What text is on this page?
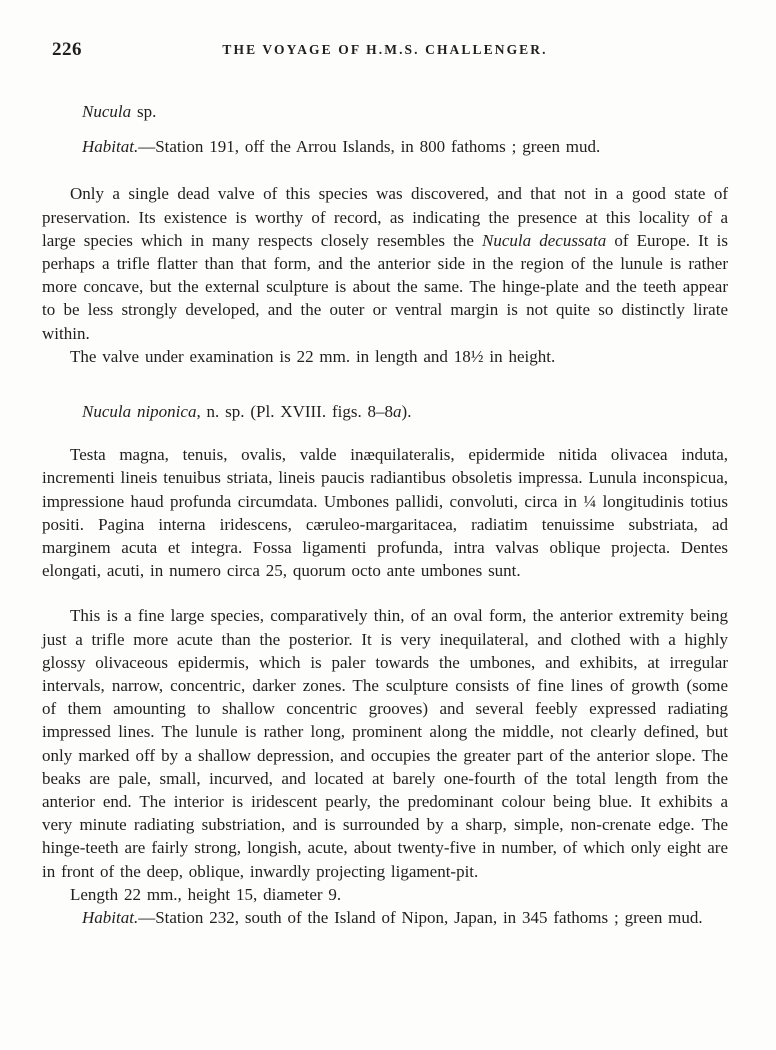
226	THE VOYAGE OF H.M.S. CHALLENGER.

Nucula sp.

Habitat.—Station 191, off the Arrou Islands, in 800 fathoms ; green mud.

Only a single dead valve of this species was discovered, and that not in a good state of preservation. Its existence is worthy of record, as indicating the presence at this locality of a large species which in many respects closely resembles the Nucula decussata of Europe. It is perhaps a trifle flatter than that form, and the anterior side in the region of the lunule is rather more concave, but the external sculpture is about the same. The hinge-plate and the teeth appear to be less strongly developed, and the outer or ventral margin is not quite so distinctly lirate within.

The valve under examination is 22 mm. in length and 18½ in height.

Nucula niponica, n. sp. (Pl. XVIII. figs. 8–8a).

Testa magna, tenuis, ovalis, valde inæquilateralis, epidermide nitida olivacea induta, incrementi lineis tenuibus striata, lineis paucis radiantibus obsoletis impressa. Lunula inconspicua, impressione haud profunda circumdata. Umbones pallidi, convoluti, circa in ¼ longitudinis totius positi. Pagina interna iridescens, cæruleo-margaritacea, radiatim tenuissime substriata, ad marginem acuta et integra. Fossa ligamenti profunda, intra valvas oblique projecta. Dentes elongati, acuti, in numero circa 25, quorum octo ante umbones sunt.

This is a fine large species, comparatively thin, of an oval form, the anterior extremity being just a trifle more acute than the posterior. It is very inequilateral, and clothed with a highly glossy olivaceous epidermis, which is paler towards the umbones, and exhibits, at irregular intervals, narrow, concentric, darker zones. The sculpture consists of fine lines of growth (some of them amounting to shallow concentric grooves) and several feebly expressed radiating impressed lines. The lunule is rather long, prominent along the middle, not clearly defined, but only marked off by a shallow depression, and occupies the greater part of the anterior slope. The beaks are pale, small, incurved, and located at barely one-fourth of the total length from the anterior end. The interior is iridescent pearly, the predominant colour being blue. It exhibits a very minute radiating substriation, and is surrounded by a sharp, simple, non-crenate edge. The hinge-teeth are fairly strong, longish, acute, about twenty-five in number, of which only eight are in front of the deep, oblique, inwardly projecting ligament-pit.

Length 22 mm., height 15, diameter 9.

Habitat.—Station 232, south of the Island of Nipon, Japan, in 345 fathoms ; green mud.
